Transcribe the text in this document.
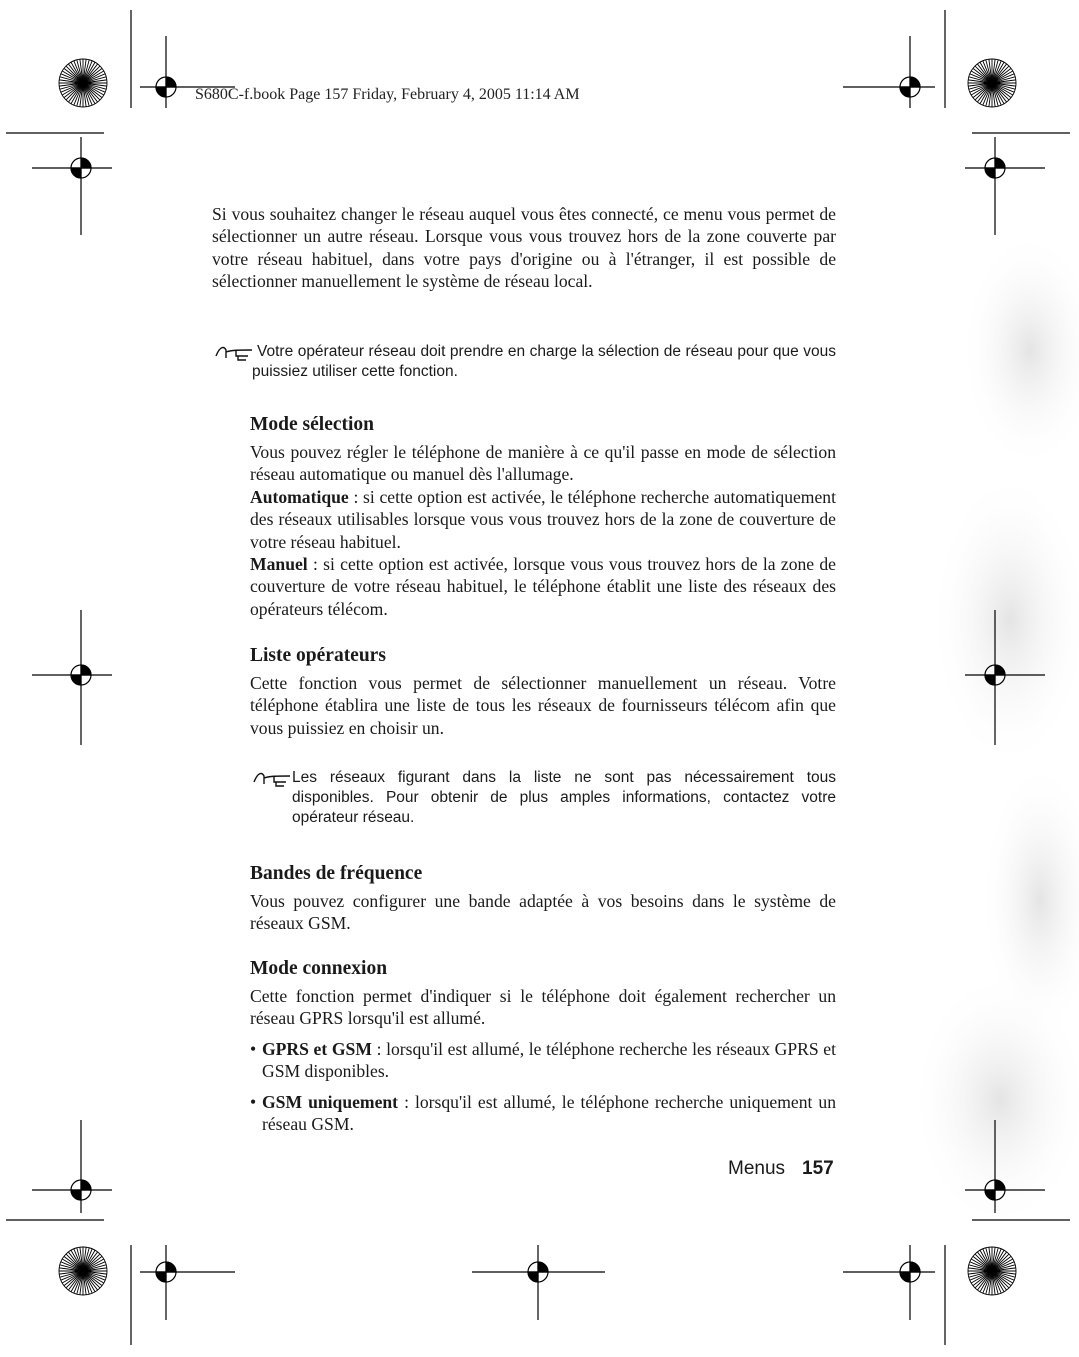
S680C-f.book Page 157 Friday, February 4, 2005 11:14 AM

Si vous souhaitez changer le réseau auquel vous êtes connecté, ce menu vous permet de sélectionner un autre réseau. Lorsque vous vous trouvez hors de la zone couverte par votre réseau habituel, dans votre pays d'origine ou à l'étranger, il est possible de sélectionner manuellement le système de réseau local.

Votre opérateur réseau doit prendre en charge la sélection de réseau pour que vous puissiez utiliser cette fonction.
Mode sélection

Vous pouvez régler le téléphone de manière à ce qu'il passe en mode de sélection réseau automatique ou manuel dès l'allumage.

Automatique : si cette option est activée, le téléphone recherche automatiquement des réseaux utilisables lorsque vous vous trouvez hors de la zone de couverture de votre réseau habituel.

Manuel : si cette option est activée, lorsque vous vous trouvez hors de la zone de couverture de votre réseau habituel, le téléphone établit une liste des réseaux des opérateurs télécom.

Liste opérateurs

Cette fonction vous permet de sélectionner manuellement un réseau. Votre téléphone établira une liste de tous les réseaux de fournisseurs télécom afin que vous puissiez en choisir un.

Les réseaux figurant dans la liste ne sont pas nécessairement tous disponibles. Pour obtenir de plus amples informations, contactez votre opérateur réseau.
Bandes de fréquence

Vous pouvez configurer une bande adaptée à vos besoins dans le système de réseaux GSM.

Mode connexion

Cette fonction permet d'indiquer si le téléphone doit également rechercher un réseau GPRS lorsqu'il est allumé.

• GPRS et GSM : lorsqu'il est allumé, le téléphone recherche les réseaux GPRS et GSM disponibles.

• GSM uniquement : lorsqu'il est allumé, le téléphone recherche uniquement un réseau GSM.

Menus 157
